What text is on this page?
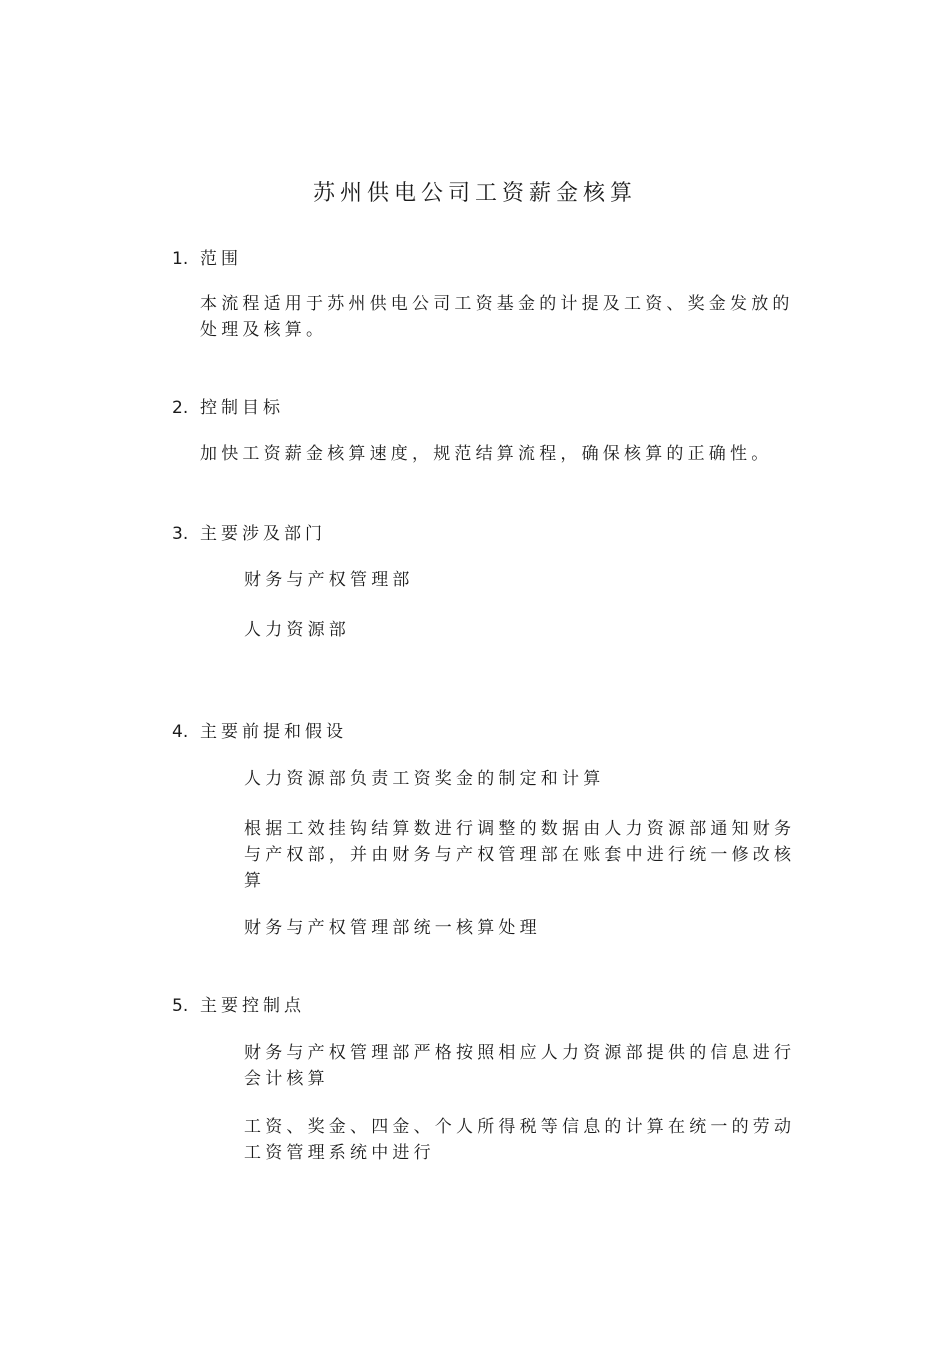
苏州供电公司工资薪金核算
1. 范围
本流程适用于苏州供电公司工资基金的计提及工资、奖金发放的处理及核算。
2. 控制目标
加快工资薪金核算速度，规范结算流程，确保核算的正确性。
3. 主要涉及部门
财务与产权管理部
人力资源部
4. 主要前提和假设
人力资源部负责工资奖金的制定和计算
根据工效挂钩结算数进行调整的数据由人力资源部通知财务与产权部，并由财务与产权管理部在账套中进行统一修改核算
财务与产权管理部统一核算处理
5. 主要控制点
财务与产权管理部严格按照相应人力资源部提供的信息进行会计核算
工资、奖金、四金、个人所得税等信息的计算在统一的劳动工资管理系统中进行
